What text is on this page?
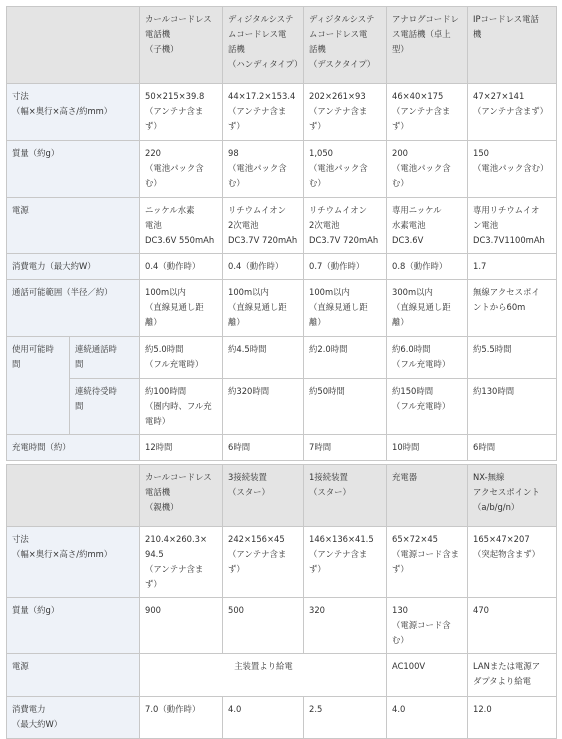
		カールコードレス
電話機
（子機）	ディジタルシステ
ムコードレス電
話機
（ハンディタイプ）	ディジタルシステ
ムコードレス電
話機
（デスクタイプ）	アナログコードレ
ス電話機（卓上
型）	IPコードレス電話
機
寸法
（幅×奥行×高さ/約mm）		50×215×39.8
（アンテナ含ま
ず）	44×17.2×153.4
（アンテナ含ま
ず）	202×261×93
（アンテナ含ま
ず）	46×40×175
（アンテナ含ま
ず）	47×27×141
（アンテナ含まず）
質量（約g）		220
（電池パック含
む）	98
（電池パック含
む）	1,050
（電池パック含
む）	200
（電池パック含
む）	150
（電池パック含む）
電源		ニッケル水素
電池
DC3.6V 550mAh	リチウムイオン
2次電池
DC3.7V 720mAh	リチウムイオン
2次電池
DC3.7V 720mAh	専用ニッケル
水素電池
DC3.6V	専用リチウムイオ
ン電池
DC3.7V1100mAh
消費電力（最大約W）		0.4（動作時）	0.4（動作時）	0.7（動作時）	0.8（動作時）	1.7
通話可能範囲（半径／約）		100m以内
（直線見通し距
離）	100m以内
（直線見通し距
離）	100m以内
（直線見通し距
離）	300m以内
（直線見通し距
離）	無線アクセスポイ
ントから60m
使用可能時
間	連続通話時
間	約5.0時間
（フル充電時）	約4.5時間	約2.0時間	約6.0時間
（フル充電時）	約5.5時間
	連続待受時
間	約100時間
（圏内時、フル充
電時）	約320時間	約50時間	約150時間
（フル充電時）	約130時間
充電時間（約）		12時間	6時間	7時間	10時間	6時間

		カールコードレス
電話機
（親機）	3接続装置
（スター）	1接続装置
（スター）	充電器	NX-無線
アクセスポイント
（a/b/g/n）
寸法
（幅×奥行×高さ/約mm）		210.4×260.3×
94.5
（アンテナ含ま
ず）	242×156×45
（アンテナ含ま
ず）	146×136×41.5
（アンテナ含ま
ず）	65×72×45
（電源コード含ま
ず）	165×47×207
（突起物含まず）
質量（約g）		900	500	320	130
（電源コード含
む）	470
電源		主装置より給電			AC100V	LANまたは電源ア
ダプタより給電
消費電力
（最大約W）		7.0（動作時）	4.0	2.5	4.0	12.0
